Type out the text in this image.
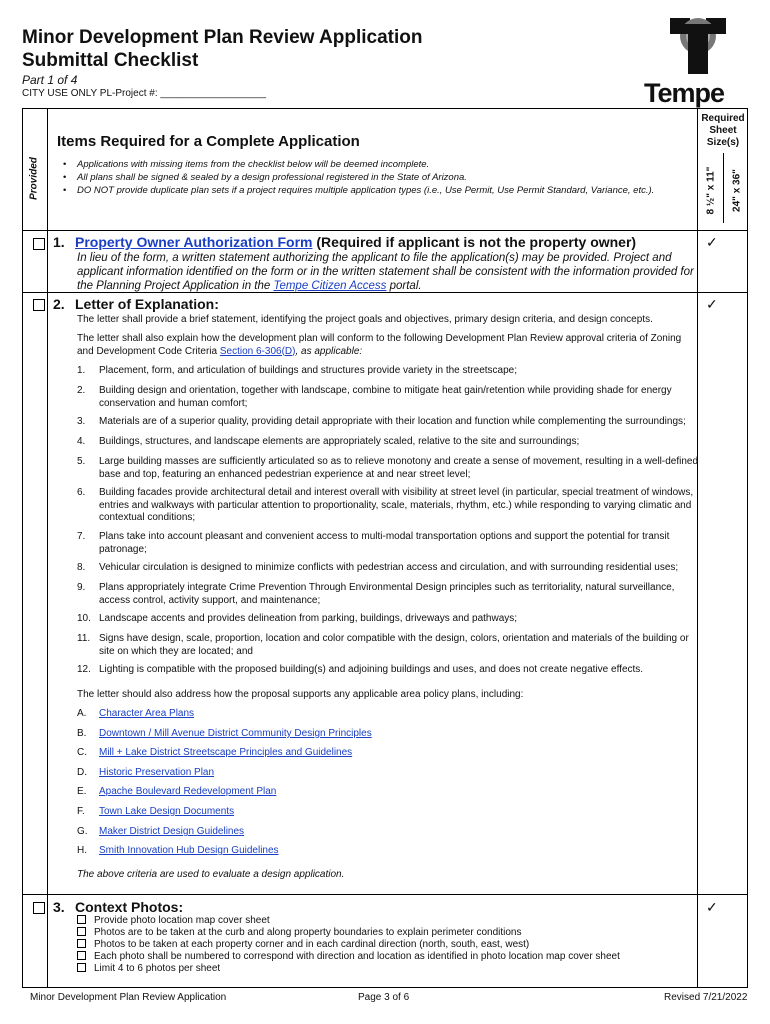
Minor Development Plan Review Application
Submittal Checklist
Part 1 of 4
CITY USE ONLY PL-Project #: ___________________	Tempe
Provided
Required Sheet Size(s)
8 ½" x 11" 24" x 36"
Items Required for a Complete Application
• Applications with missing items from the checklist below will be deemed incomplete.
• All plans shall be signed & sealed by a design professional registered in the State of Arizona.
• DO NOT provide duplicate plan sets if a project requires multiple application types (i.e., Use Permit, Use Permit Standard, Variance, etc.).
1. Property Owner Authorization Form (Required if applicant is not the property owner)	✓
In lieu of the form, a written statement authorizing the applicant to file the application(s) may be provided. Project and applicant information identified on the form or in the written statement shall be consistent with the information provided for the Planning Project Application in the Tempe Citizen Access portal.
2. Letter of Explanation:	✓
The letter shall provide a brief statement, identifying the project goals and objectives, primary design criteria, and design concepts.
The letter shall also explain how the development plan will conform to the following Development Plan Review approval criteria of Zoning and Development Code Criteria Section 6-306(D), as applicable:
1. Placement, form, and articulation of buildings and structures provide variety in the streetscape;
2. Building design and orientation, together with landscape, combine to mitigate heat gain/retention while providing shade for energy conservation and human comfort;
3. Materials are of a superior quality, providing detail appropriate with their location and function while complementing the surroundings;
4. Buildings, structures, and landscape elements are appropriately scaled, relative to the site and surroundings;
5. Large building masses are sufficiently articulated so as to relieve monotony and create a sense of movement, resulting in a well-defined base and top, featuring an enhanced pedestrian experience at and near street level;
6. Building facades provide architectural detail and interest overall with visibility at street level (in particular, special treatment of windows, entries and walkways with particular attention to proportionality, scale, materials, rhythm, etc.) while responding to varying climatic and contextual conditions;
7. Plans take into account pleasant and convenient access to multi-modal transportation options and support the potential for transit patronage;
8. Vehicular circulation is designed to minimize conflicts with pedestrian access and circulation, and with surrounding residential uses;
9. Plans appropriately integrate Crime Prevention Through Environmental Design principles such as territoriality, natural surveillance, access control, activity support, and maintenance;
10. Landscape accents and provides delineation from parking, buildings, driveways and pathways;
11. Signs have design, scale, proportion, location and color compatible with the design, colors, orientation and materials of the building or site on which they are located; and
12. Lighting is compatible with the proposed building(s) and adjoining buildings and uses, and does not create negative effects.
The letter should also address how the proposal supports any applicable area policy plans, including:
A. Character Area Plans
B. Downtown / Mill Avenue District Community Design Principles
C. Mill + Lake District Streetscape Principles and Guidelines
D. Historic Preservation Plan
E. Apache Boulevard Redevelopment Plan
F. Town Lake Design Documents
G. Maker District Design Guidelines
H. Smith Innovation Hub Design Guidelines
The above criteria are used to evaluate a design application.
3. Context Photos:	✓
Provide photo location map cover sheet
Photos are to be taken at the curb and along property boundaries to explain perimeter conditions
Photos to be taken at each property corner and in each cardinal direction (north, south, east, west)
Each photo shall be numbered to correspond with direction and location as identified in photo location map cover sheet
Limit 4 to 6 photos per sheet
Minor Development Plan Review Application	Page 3 of 6	Revised 7/21/2022
